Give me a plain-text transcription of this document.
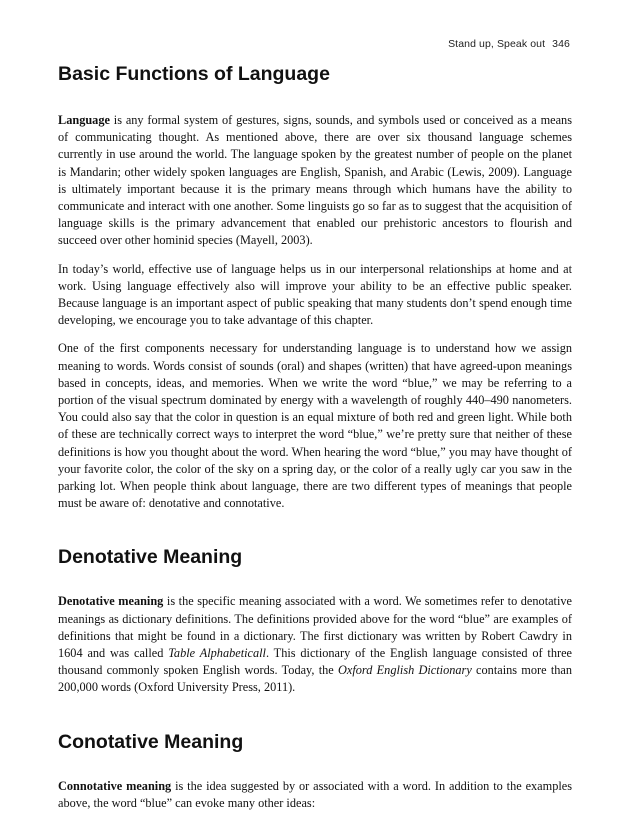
Stand up, Speak out 346
Basic Functions of Language

Language is any formal system of gestures, signs, sounds, and symbols used or conceived as a means of communicating thought. As mentioned above, there are over six thousand language schemes currently in use around the world. The language spoken by the greatest number of people on the planet is Mandarin; other widely spoken languages are English, Spanish, and Arabic (Lewis, 2009). Language is ultimately important because it is the primary means through which humans have the ability to communicate and interact with one another. Some linguists go so far as to suggest that the acquisition of language skills is the primary advancement that enabled our prehistoric ancestors to flourish and succeed over other hominid species (Mayell, 2003).

In today’s world, effective use of language helps us in our interpersonal relationships at home and at work. Using language effectively also will improve your ability to be an effective public speaker. Because language is an important aspect of public speaking that many students don’t spend enough time developing, we encourage you to take advantage of this chapter.

One of the first components necessary for understanding language is to understand how we assign meaning to words. Words consist of sounds (oral) and shapes (written) that have agreed-upon meanings based in concepts, ideas, and memories. When we write the word “blue,” we may be referring to a portion of the visual spectrum dominated by energy with a wavelength of roughly 440–490 nanometers. You could also say that the color in question is an equal mixture of both red and green light. While both of these are technically correct ways to interpret the word “blue,” we’re pretty sure that neither of these definitions is how you thought about the word. When hearing the word “blue,” you may have thought of your favorite color, the color of the sky on a spring day, or the color of a really ugly car you saw in the parking lot. When people think about language, there are two different types of meanings that people must be aware of: denotative and connotative.

Denotative Meaning

Denotative meaning is the specific meaning associated with a word. We sometimes refer to denotative meanings as dictionary definitions. The definitions provided above for the word “blue” are examples of definitions that might be found in a dictionary. The first dictionary was written by Robert Cawdry in 1604 and was called Table Alphabeticall. This dictionary of the English language consisted of three thousand commonly spoken English words. Today, the Oxford English Dictionary contains more than 200,000 words (Oxford University Press, 2011).

Conotative Meaning

Connotative meaning is the idea suggested by or associated with a word. In addition to the examples above, the word “blue” can evoke many other ideas:
